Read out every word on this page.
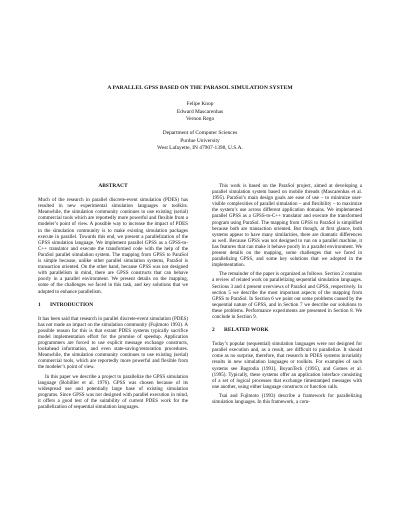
A PARALLEL GPSS BASED ON THE PARASOL SIMULATION SYSTEM
Felipe Knop
Edward Mascarenhas
Vernon Rego
Department of Computer Sciences
Purdue University
West Lafayette, IN 47907-1398, U.S.A.
ABSTRACT

Much of the research in parallel discrete-event simulation (PDES) has resulted in new experimental simulation languages or toolkits. Meanwhile, the simulation community continues to use existing (serial) commercial tools which are reportedly more powerful and flexible from a modeler’s point of view. A possible way to increase the impact of PDES in the simulation community is to make existing simulation packages execute in parallel. Towards this end, we present a parallelization of the GPSS simulation language. We implement parallel GPSS as a GPSS-to-C++ translator and execute the transformed code with the help of the ParaSol parallel simulation system. The mapping from GPSS to ParaSol is simple because, unlike other parallel simulation systems, ParaSol is transaction oriented. On the other hand, because GPSS was not designed with parallelism in mind, there are GPSS constructs that can behave poorly in a parallel environment. We present details on the mapping, some of the challenges we faced in this task, and key solutions that we adopted to enhance parallelism.

1 INTRODUCTION

It has been said that research in parallel discrete-event simulation (PDES) has not made an impact on the simulation community (Fujimoto 1993). A possible reason for this is that extant PDES systems typically sacrifice model implementation effort for the promise of speedup. Application programmers are forced to use explicit message exchange constructs, lookahead information, and even state-saving/restoration procedures. Meanwhile, the simulation community continues to use existing (serial) commercial tools, which are reportedly more powerful and flexible from the modeler’s point of view.

In this paper we describe a project to parallelize the GPSS simulation language (Bobillier et al. 1976). GPSS was chosen because of its widespread use and potentially large base of existing simulation programs. Since GPSS was not designed with parallel execution in mind, it offers a good test of the suitability of current PDES work for the parallelization of sequential simulation languages.

This work is based on the ParaSol project, aimed at developing a parallel simulation system based on mobile threads (Mascarenhas et al. 1995). ParaSol’s main design goals are ease of use – to minimize user-visible complexities of parallel simulation – and flexibility – to maximize the system’s use across different application domains. We implemented parallel GPSS as a GPSS-to-C++ translator and execute the transformed program using ParaSol. The mapping from GPSS to ParaSol is simplified because both are transaction oriented. But though, at first glance, both systems appear to have many similarities, there are dramatic differences as well. Because GPSS was not designed to run on a parallel machine, it has features that can make it behave poorly in a parallel environment. We present details on the mapping, some challenges that we faced in parallelizing GPSS, and some key solutions that we adopted in the implementation.

The remainder of the paper is organized as follows. Section 2 contains a review of related work on parallelizing sequential simulation languages. Sections 3 and 4 present overviews of ParaSol and GPSS, respectively. In section 5 we describe the most important aspects of the mapping from GPSS to ParaSol. In Section 6 we point out some problems caused by the sequential nature of GPSS, and in Section 7 we describe our solutions to these problems. Performance experiments are presented in Section 8. We conclude in Section 9.

2 RELATED WORK

Today’s popular (sequential) simulation languages were not designed for parallel execution and, as a result, are difficult to parallelize. It should come as no surprise, therefore, that research in PDES systems invariably results in new simulation languages or toolkits. For examples of such systems see Bagrodia (1991), BoyanTech (1995), and Gomes et al. (1995). Typically, these systems offer an application interface consisting of a set of logical processes that exchange timestamped messages with one another, using either language constructs or function calls.

Tsai and Fujimoto (1993) describe a framework for parallelizing simulation languages. In this framework, a com-
